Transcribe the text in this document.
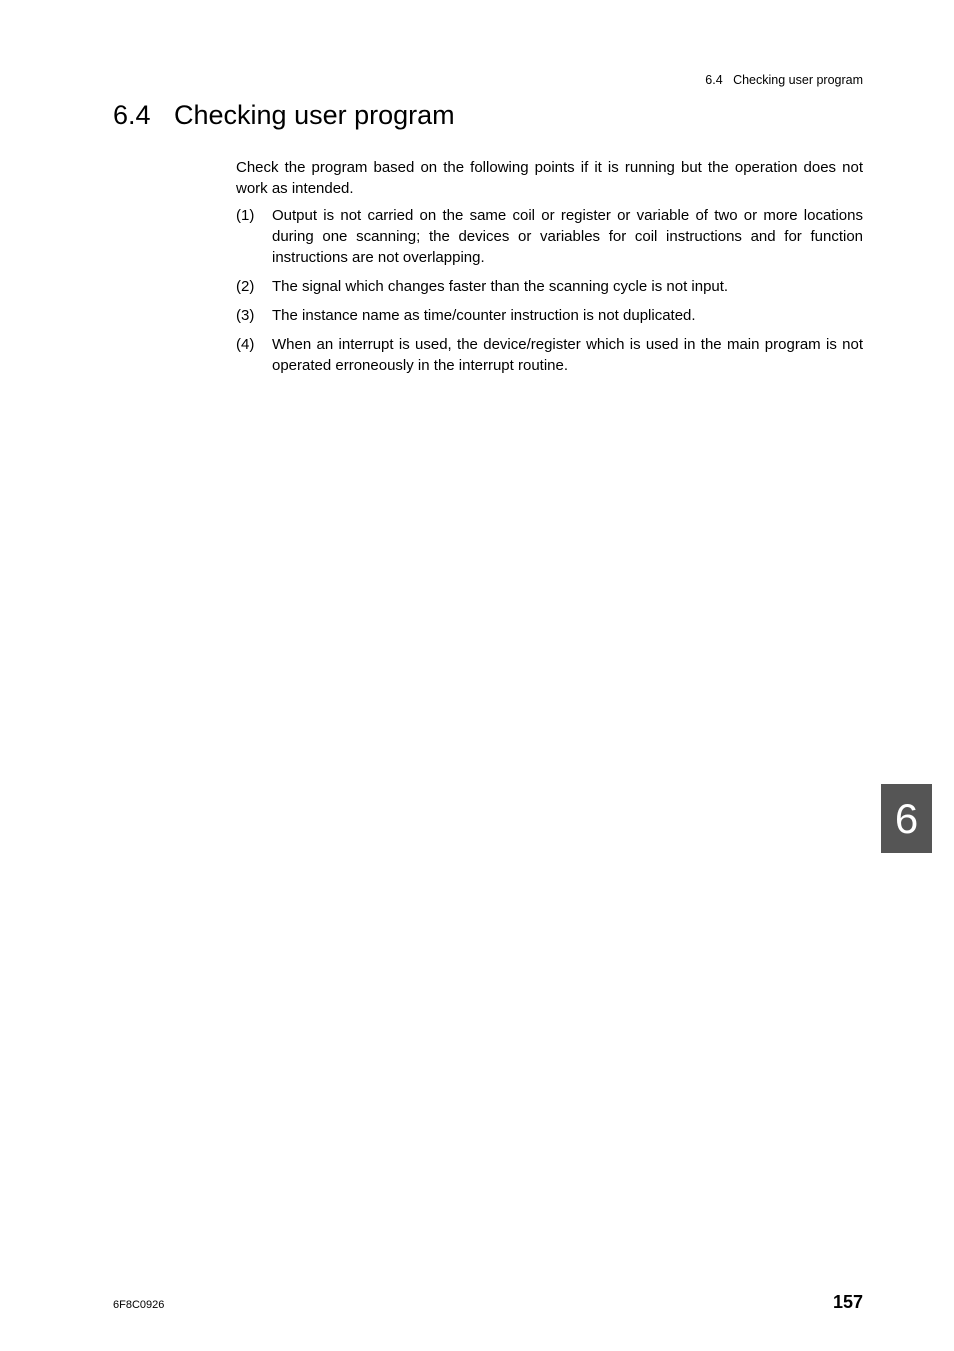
6.4   Checking user program
6.4 Checking user program

Check the program based on the following points if it is running but the operation does not work as intended.

(1)	Output is not carried on the same coil or register or variable of two or more locations during one scanning; the devices or variables for coil instructions and for function instructions are not overlapping.
(2)	The signal which changes faster than the scanning cycle is not input.
(3)	The instance name as time/counter instruction is not duplicated.
(4)	When an interrupt is used, the device/register which is used in the main program is not operated erroneously in the interrupt routine.
6
6F8C0926	157
